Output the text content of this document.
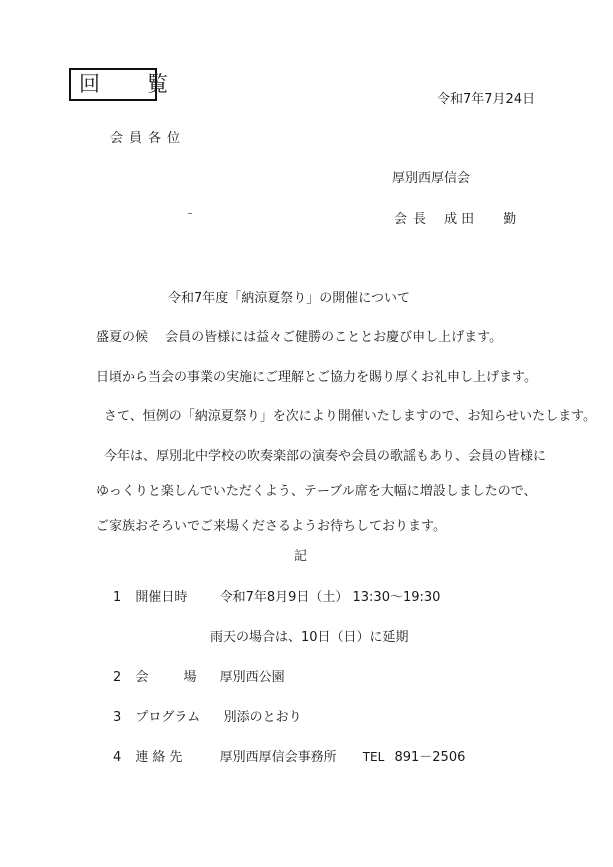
回　覧
令和7年7月24日
会員各位
厚別西厚信会
会長 成田　 勤
令和7年度「納涼夏祭り」の開催について
盛夏の候　 会員の皆様には益々ご健勝のこととお慶び申し上げます。
日頃から当会の事業の実施にご理解とご協力を賜り厚くお礼申し上げます。
さて、恒例の「納涼夏祭り」を次により開催いたしますので、お知らせいたします。
今年は、厚別北中学校の吹奏楽部の演奏や会員の歌謡もあり、会員の皆様にゆっくりと楽しんでいただくよう、テーブル席を大幅に増設しましたので、ご家族おそろいでご来場くださるようお待ちしております。
記
1 開催日時 令和7年8月9日（土） 13:30～19:30
雨天の場合は、10日（日）に延期
2 会　 場 厚別西公園
3 プログラム 別添のとおり
4 連絡先	厚別西厚信会事務所 TEL 891－2506
